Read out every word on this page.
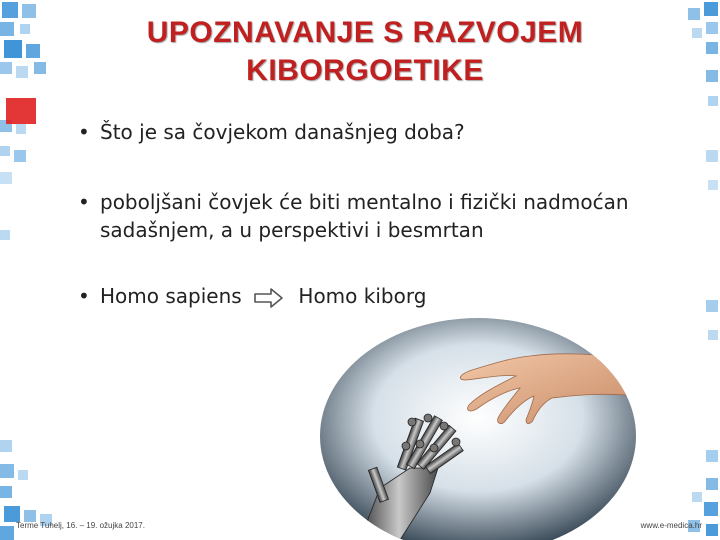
UPOZNAVANJE S RAZVOJEM
KIBORGOETIKE
• Što je sa čovjekom današnjeg doba?
• poboljšani čovjek će biti mentalno i fizički nadmoćan sadašnjem, a u perspektivi i besmrtan
• Homo sapiens	Homo kiborg
Terme Tuhelj, 16. – 19. ožujka 2017.	www.e-medica.hr
